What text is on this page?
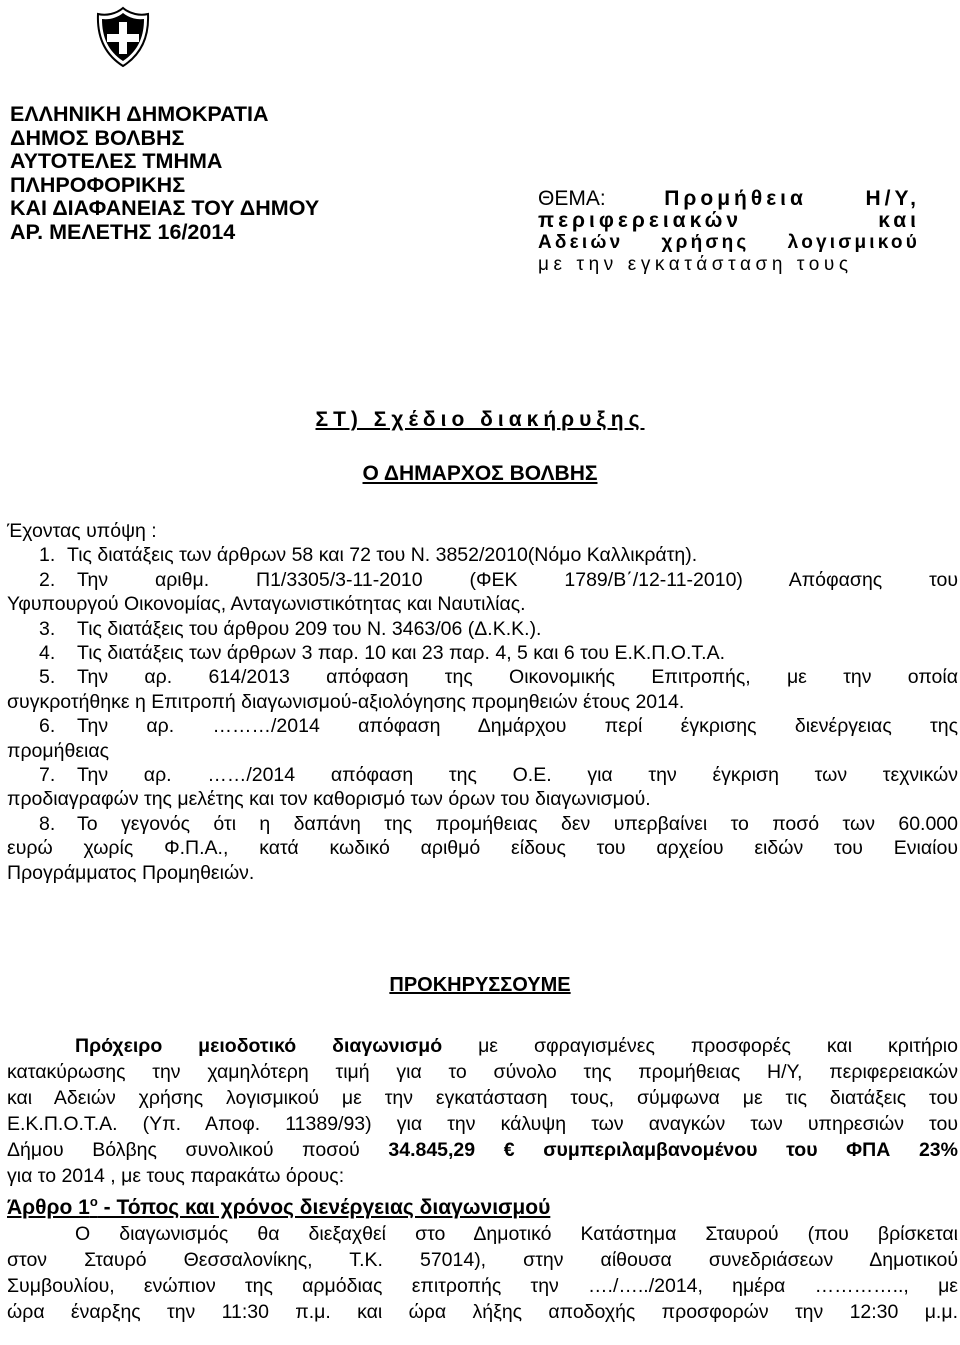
ΕΛΛΗΝΙΚΗ ΔΗΜΟΚΡΑΤΙΑ
ΔΗΜΟΣ ΒΟΛΒΗΣ
ΑΥΤΟΤΕΛΕΣ ΤΜΗΜΑ
ΠΛΗΡΟΦΟΡΙΚΗΣ
ΚΑΙ ΔΙΑΦΑΝΕΙΑΣ ΤΟΥ ΔΗΜΟΥ
ΑΡ. ΜΕΛΕΤΗΣ 16/2014
ΘΕΜΑ:	Προμήθεια	Η/Υ,
περιφερειακών	και
Αδειών χρήσης λογισμικού
με την εγκατάσταση τους
ΣΤ) Σχέδιο διακήρυξης
Ο ΔΗΜΑΡΧΟΣ ΒΟΛΒΗΣ
Έχοντας υπόψη :
1. Τις διατάξεις των άρθρων 58 και 72 του Ν. 3852/2010(Νόμο Καλλικράτη).
2.	Την αριθμ. Π1/3305/3-11-2010 (ΦΕΚ 1789/Β΄/12-11-2010) Απόφασης του
Υφυπουργού Οικονομίας, Ανταγωνιστικότητας και Ναυτιλίας.
3.	Τις διατάξεις του άρθρου 209 του Ν. 3463/06 (Δ.Κ.Κ.).
4.	Τις διατάξεις των άρθρων 3 παρ. 10 και 23 παρ. 4, 5 και 6 του Ε.Κ.Π.Ο.Τ.Α.
5.	Την αρ. 614/2013 απόφαση της Οικονομικής Επιτροπής, με την οποία
συγκροτήθηκε η Επιτροπή διαγωνισμού-αξιολόγησης προμηθειών έτους 2014.
6.	Την αρ. ………/2014 απόφαση Δημάρχου περί έγκρισης διενέργειας της
προμήθειας
7.	Την αρ. ……/2014 απόφαση της Ο.Ε. για την έγκριση των τεχνικών
προδιαγραφών της μελέτης και τον καθορισμό των όρων του διαγωνισμού.
8.	Το γεγονός ότι η δαπάνη της προμήθειας δεν υπερβαίνει το ποσό των 60.000
ευρώ χωρίς Φ.Π.Α., κατά κωδικό αριθμό είδους του αρχείου ειδών του Ενιαίου
Προγράμματος Προμηθειών.
ΠΡΟΚΗΡΥΣΣΟΥΜΕ
Πρόχειρο μειοδοτικό διαγωνισμό με σφραγισμένες προσφορές και κριτήριο
κατακύρωσης την χαμηλότερη τιμή για το σύνολο της προμήθειας Η/Υ, περιφερειακών
και Αδειών χρήσης λογισμικού με την εγκατάσταση τους, σύμφωνα με τις διατάξεις του
Ε.Κ.Π.Ο.Τ.Α. (Υπ. Αποφ. 11389/93) για την κάλυψη των αναγκών των υπηρεσιών του
Δήμου Βόλβης συνολικού ποσού 34.845,29 € συμπεριλαμβανομένου του ΦΠΑ 23%
για το 2014 , με τους παρακάτω όρους:
Άρθρο $1^o$ - Τόπος και χρόνος διενέργειας διαγωνισμού
Ο διαγωνισμός θα διεξαχθεί στο Δημοτικό Κατάστημα Σταυρού (που βρίσκεται
στον Σταυρό Θεσσαλονίκης, Τ.Κ. 57014), στην αίθουσα συνεδριάσεων Δημοτικού
Συμβουλίου, ενώπιον της αρμόδιας επιτροπής την …./…../2014, ημέρα ………….., με
ώρα έναρξης την 11:30 π.μ. και ώρα λήξης αποδοχής προσφορών την 12:30 μ.μ.
